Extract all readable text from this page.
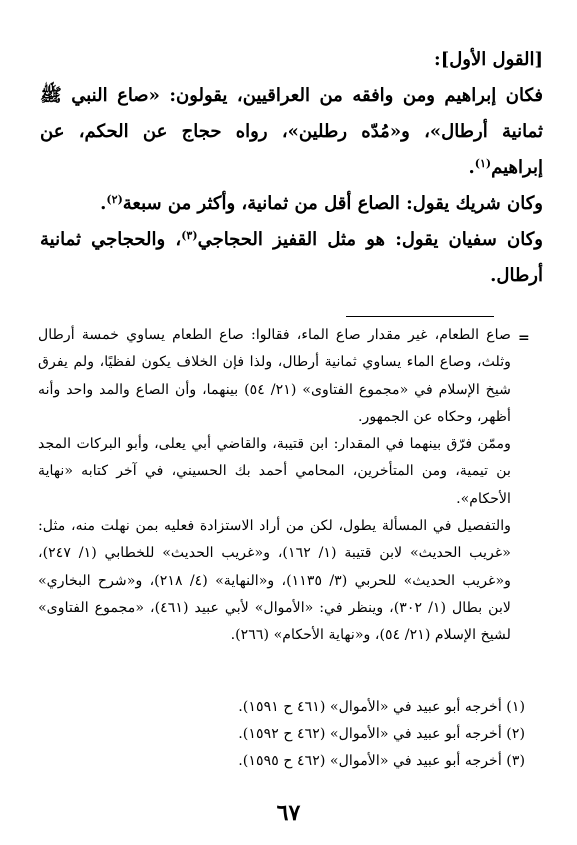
[القول الأول]:

فكان إبراهيم ومن وافقه من العراقيين، يقولون: «صاع النبي ﷺ ثمانية أرطال»، و«مُدّه رطلين»، رواه حجاج عن الحكم، عن إبراهيم$^{(١)}$.

وكان شريك يقول: الصاع أقل من ثمانية، وأكثر من سبعة$^{(٢)}$.

وكان سفيان يقول: هو مثل القفيز الحجاجي$^{(٣)}$، والحجاجي ثمانية أرطال.

=

صاع الطعام، غير مقدار صاع الماء، فقالوا: صاع الطعام يساوي خمسة أرطال وثلث، وصاع الماء يساوي ثمانية أرطال، ولذا فإن الخلاف يكون لفظيًا، ولم يفرق شيخ الإسلام في «مجموع الفتاوى» (٢١/ ٥٤) بينهما، وأن الصاع والمد واحد وأنه أظهر، وحكاه عن الجمهور.

وممّن فرّق بينهما في المقدار: ابن قتيبة، والقاضي أبي يعلى، وأبو البركات المجد بن تيمية، ومن المتأخرين، المحامي أحمد بك الحسيني، في آخر كتابه «نهاية الأحكام».

والتفصيل في المسألة يطول، لكن من أراد الاستزادة فعليه بمن نهلت منه، مثل: «غريب الحديث» لابن قتيبة (١/ ١٦٢)، و«غريب الحديث» للخطابي (١/ ٢٤٧)، و«غريب الحديث» للحربي (٣/ ١١٣٥)، و«النهاية» (٤/ ٢١٨)، و«شرح البخاري» لابن بطال (١/ ٣٠٢)، وينظر في: «الأموال» لأبي عبيد (٤٦١)، «مجموع الفتاوى» لشيخ الإسلام (٢١/ ٥٤)، و«نهاية الأحكام» (٢٦٦).

(١) أخرجه أبو عبيد في «الأموال» (٤٦١ ح ١٥٩١).
(٢) أخرجه أبو عبيد في «الأموال» (٤٦٢ ح ١٥٩٢).
(٣) أخرجه أبو عبيد في «الأموال» (٤٦٢ ح ١٥٩٥).
٦٧
